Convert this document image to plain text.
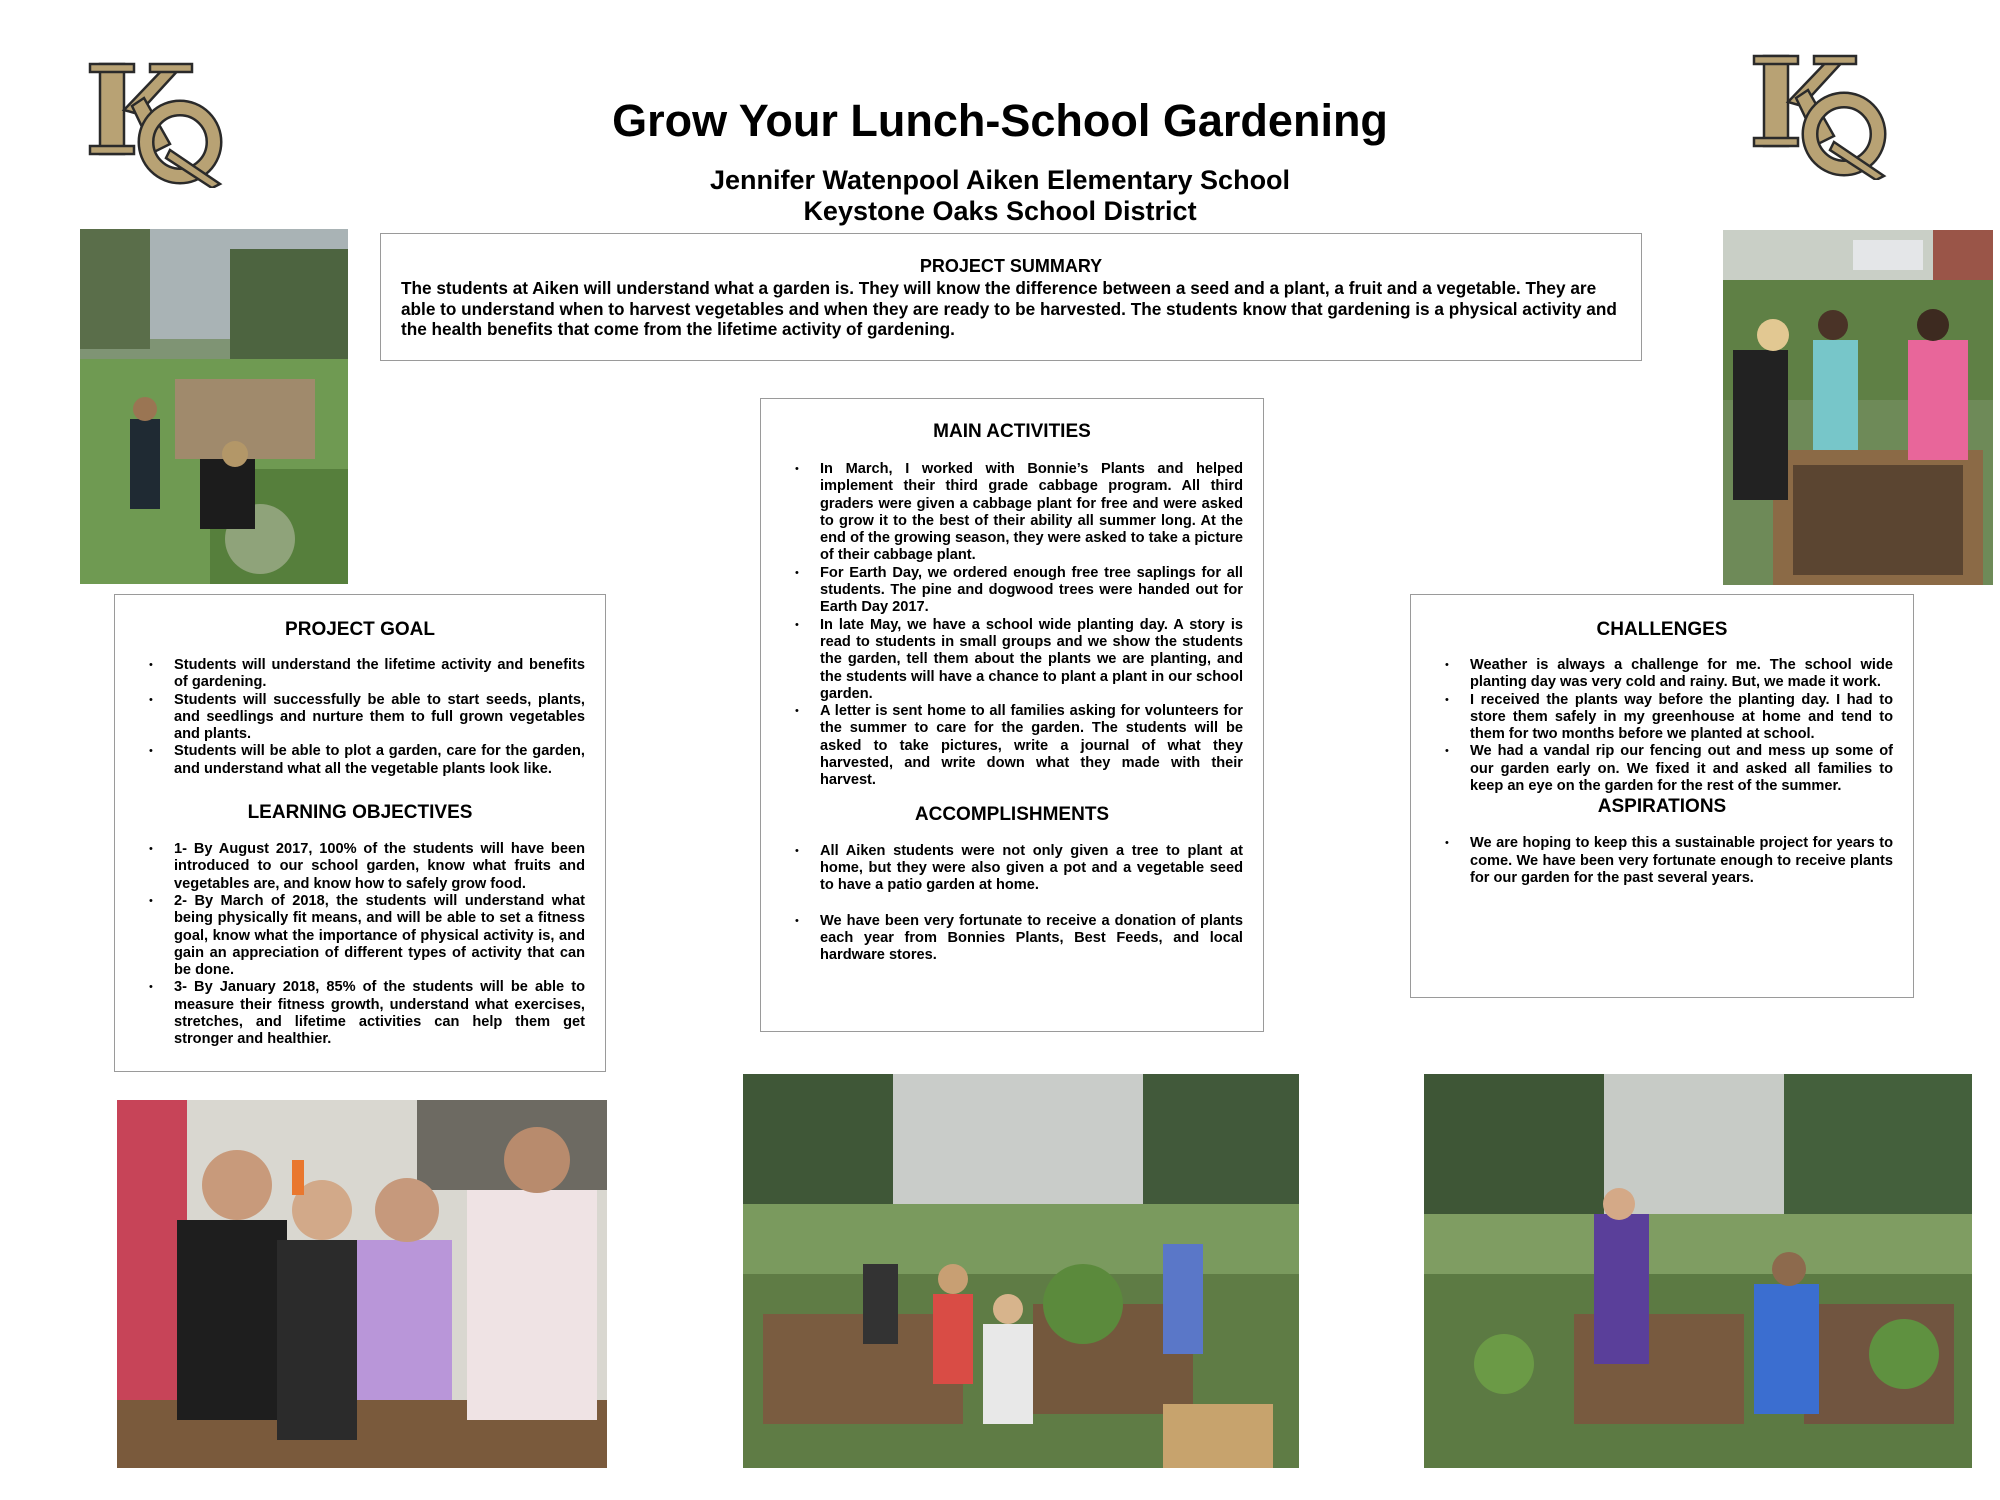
Grow Your Lunch-School Gardening

Jennifer Watenpool Aiken Elementary School

Keystone Oaks School District

PROJECT SUMMARY

The students at Aiken will understand what a garden is. They will know the difference between a seed and a plant, a fruit and a vegetable. They are able to understand when to harvest vegetables and when they are ready to be harvested. The students know that gardening is a physical activity and the health benefits that come from the lifetime activity of gardening.

PROJECT GOAL
• Students will understand the lifetime activity and benefits of gardening.
• Students will successfully be able to start seeds, plants, and seedlings and nurture them to full grown vegetables and plants.
• Students will be able to plot a garden, care for the garden, and understand what all the vegetable plants look like.
LEARNING OBJECTIVES
• 1- By August 2017, 100% of the students will have been introduced to our school garden, know what fruits and vegetables are, and know how to safely grow food.
• 2- By March of 2018, the students will understand what being physically fit means, and will be able to set a fitness goal, know what the importance of physical activity is, and gain an appreciation of different types of activity that can be done.
• 3- By January 2018, 85% of the students will be able to measure their fitness growth, understand what exercises, stretches, and lifetime activities can help them get stronger and healthier.
MAIN ACTIVITIES
• In March, I worked with Bonnie’s Plants and helped implement their third grade cabbage program. All third graders were given a cabbage plant for free and were asked to grow it to the best of their ability all summer long. At the end of the growing season, they were asked to take a picture of their cabbage plant.
• For Earth Day, we ordered enough free tree saplings for all students. The pine and dogwood trees were handed out for Earth Day 2017.
• In late May, we have a school wide planting day. A story is read to students in small groups and we show the students the garden, tell them about the plants we are planting, and the students will have a chance to plant a plant in our school garden.
• A letter is sent home to all families asking for volunteers for the summer to care for the garden. The students will be asked to take pictures, write a journal of what they harvested, and write down what they made with their harvest.
ACCOMPLISHMENTS
• All Aiken students were not only given a tree to plant at home, but they were also given a pot and a vegetable seed to have a patio garden at home.
• We have been very fortunate to receive a donation of plants each year from Bonnies Plants, Best Feeds, and local hardware stores.
CHALLENGES
• Weather is always a challenge for me. The school wide planting day was very cold and rainy. But, we made it work.
• I received the plants way before the planting day. I had to store them safely in my greenhouse at home and tend to them for two months before we planted at school.
• We had a vandal rip our fencing out and mess up some of our garden early on. We fixed it and asked all families to keep an eye on the garden for the rest of the summer.
ASPIRATIONS
• We are hoping to keep this a sustainable project for years to come. We have been very fortunate enough to receive plants for our garden for the past several years.
